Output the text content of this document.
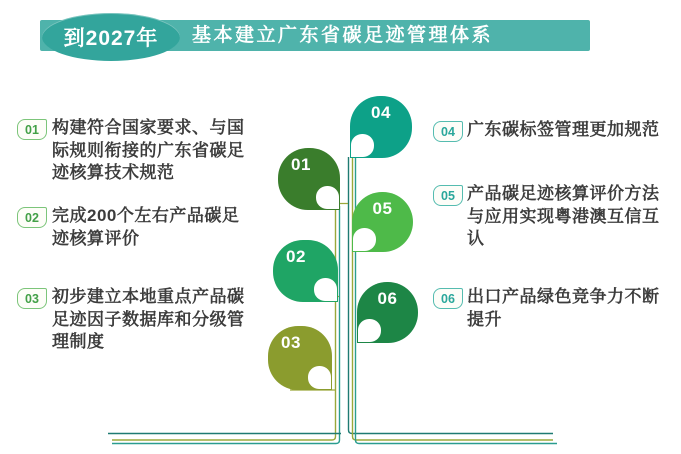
到2027年 基本建立广东省碳足迹管理体系
01
02
03
04
05
06
01 构建符合国家要求、与国际规则衔接的广东省碳足迹核算技术规范
02 完成200个左右产品碳足迹核算评价
03 初步建立本地重点产品碳足迹因子数据库和分级管理制度
04 广东碳标签管理更加规范
05 产品碳足迹核算评价方法与应用实现粤港澳互信互认
06 出口产品绿色竞争力不断提升
